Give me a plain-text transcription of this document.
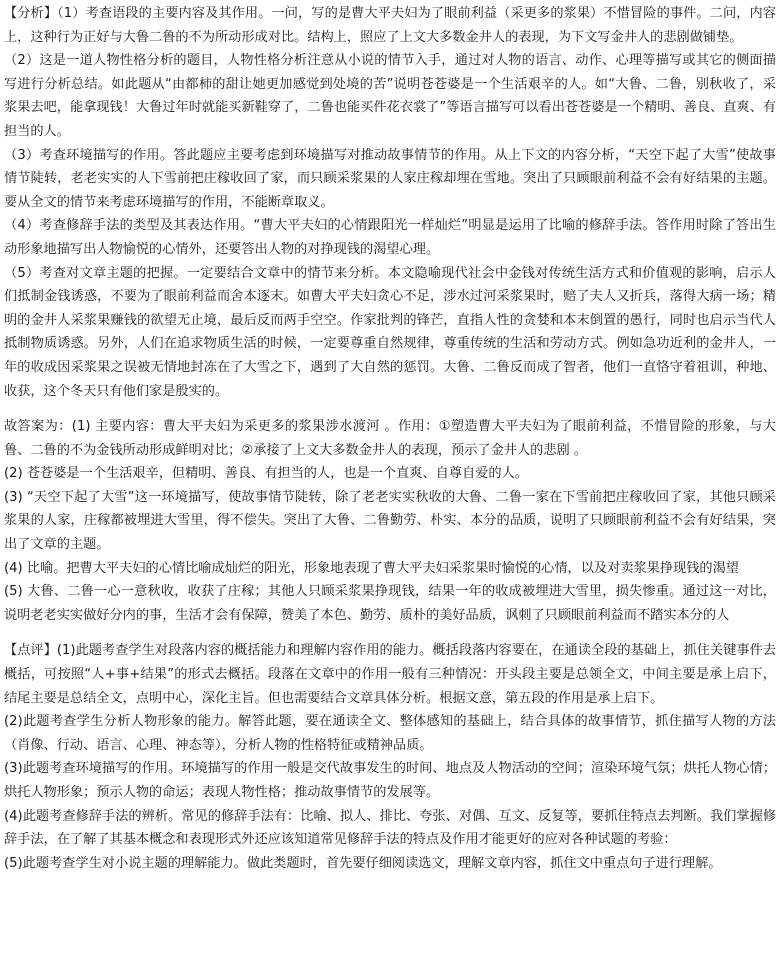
【分析】（1）考查语段的主要内容及其作用。一问，写的是曹大平夫妇为了眼前利益（采更多的浆果）不惜冒险的事件。二问，内容上，这种行为正好与大鲁二鲁的不为所动形成对比。结构上，照应了上文大多数金井人的表现，为下文写金井人的悲剧做铺垫。

（2）这是一道人物性格分析的题目，人物性格分析注意从小说的情节入手，通过对人物的语言、动作、心理等描写或其它的侧面描写进行分析总结。如此题从“由都柿的甜让她更加感觉到处境的苦”说明苍苍婆是一个生活艰辛的人。如“大鲁、二鲁，别秋收了，采浆果去吧，能拿现钱！大鲁过年时就能买新鞋穿了，二鲁也能买件花衣裳了”等语言描写可以看出苍苍婆是一个精明、善良、直爽、有担当的人。

（3）考查环境描写的作用。答此题应主要考虑到环境描写对推动故事情节的作用。从上下文的内容分析，“天空下起了大雪”使故事情节陡转，老老实实的人下雪前把庄稼收回了家，而只顾采浆果的人家庄稼却埋在雪地。突出了只顾眼前利益不会有好结果的主题。要从全文的情节来考虑环境描写的作用，不能断章取义。

（4）考查修辞手法的类型及其表达作用。“曹大平夫妇的心情跟阳光一样灿烂”明显是运用了比喻的修辞手法。答作用时除了答出生动形象地描写出人物愉悦的心情外，还要答出人物的对挣现钱的渴望心理。

（5）考查对文章主题的把握。一定要结合文章中的情节来分析。本文隐喻现代社会中金钱对传统生活方式和价值观的影响，启示人们抵制金钱诱惑，不要为了眼前利益而舍本逐末。如曹大平夫妇贪心不足，涉水过河采浆果时，赔了夫人又折兵，落得大病一场；精明的金井人采浆果赚钱的欲望无止境，最后反而两手空空。作家批判的锋芒，直指人性的贪婪和本末倒置的愚行，同时也启示当代人抵制物质诱惑。另外，人们在追求物质生活的时候，一定要尊重自然规律，尊重传统的生活和劳动方式。例如急功近利的金井人，一年的收成因采浆果之误被无情地封冻在了大雪之下，遇到了大自然的惩罚。大鲁、二鲁反而成了智者，他们一直恪守着祖训，种地、收获，这个冬天只有他们家是殷实的。

故答案为：(1) 主要内容：曹大平夫妇为采更多的浆果涉水渡河 。作用：①塑造曹大平夫妇为了眼前利益，不惜冒险的形象，与大鲁、二鲁的不为金钱所动形成鲜明对比；②承接了上文大多数金井人的表现，预示了金井人的悲剧 。

(2) 苍苍婆是一个生活艰辛，但精明、善良、有担当的人，也是一个直爽、自尊自爱的人。

(3) “天空下起了大雪”这一环境描写，使故事情节陡转，除了老老实实秋收的大鲁、二鲁一家在下雪前把庄稼收回了家，其他只顾采浆果的人家，庄稼都被埋进大雪里，得不偿失。突出了大鲁、二鲁勤劳、朴实、本分的品质，说明了只顾眼前利益不会有好结果，突出了文章的主题。

(4) 比喻。把曹大平夫妇的心情比喻成灿烂的阳光，形象地表现了曹大平夫妇采浆果时愉悦的心情，以及对卖浆果挣现钱的渴望

(5) 大鲁、二鲁一心一意秋收，收获了庄稼；其他人只顾采浆果挣现钱，结果一年的收成被埋进大雪里，损失惨重。通过这一对比，说明老老实实做好分内的事，生活才会有保障，赞美了本色、勤劳、质朴的美好品质，讽刺了只顾眼前利益而不踏实本分的人

【点评】(1)此题考查学生对段落内容的概括能力和理解内容作用的能力。概括段落内容要在，在通读全段的基础上，抓住关键事件去概括，可按照“人+事+结果”的形式去概括。段落在文章中的作用一般有三种情况：开头段主要是总领全文，中间主要是承上启下，结尾主要是总结全文，点明中心，深化主旨。但也需要结合文章具体分析。根据文意，第五段的作用是承上启下。

(2)此题考查学生分析人物形象的能力。解答此题，要在通读全文、整体感知的基础上，结合具体的故事情节，抓住描写人物的方法（肖像、行动、语言、心理、神态等），分析人物的性格特征或精神品质。

(3)此题考查环境描写的作用。环境描写的作用一般是交代故事发生的时间、地点及人物活动的空间；渲染环境气氛；烘托人物心情；烘托人物形象；预示人物的命运；表现人物性格；推动故事情节的发展等。

(4)此题考查修辞手法的辨析。常见的修辞手法有：比喻、拟人、排比、夸张、对偶、互文、反复等，要抓住特点去判断。我们掌握修辞手法，在了解了其基本概念和表现形式外还应该知道常见修辞手法的特点及作用才能更好的应对各种试题的考验：

(5)此题考查学生对小说主题的理解能力。做此类题时，首先要仔细阅读选文，理解文章内容，抓住文中重点句子进行理解。
